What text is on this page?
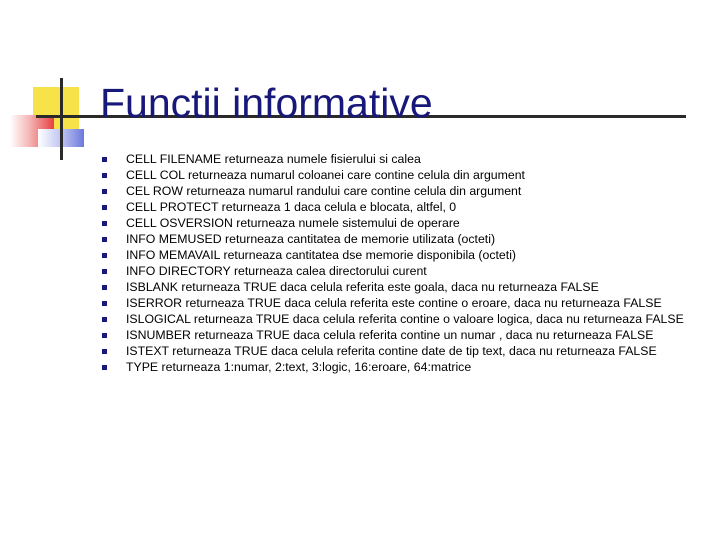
Functii informative
CELL FILENAME returneaza numele fisierului si calea
CELL COL returneaza numarul coloanei care contine celula din argument
CEL ROW returneaza numarul randului care contine celula din argument
CELL PROTECT returneaza 1 daca celula e blocata, altfel, 0
CELL OSVERSION returneaza numele sistemului de operare
INFO MEMUSED returneaza cantitatea de memorie utilizata (octeti)
INFO MEMAVAIL returneaza cantitatea dse memorie disponibila (octeti)
INFO DIRECTORY returneaza calea directorului curent
ISBLANK returneaza TRUE daca celula referita este goala, daca nu returneaza FALSE
ISERROR returneaza TRUE daca celula referita este contine o eroare, daca nu returneaza FALSE
ISLOGICAL returneaza TRUE daca celula referita contine o valoare logica, daca nu returneaza FALSE
ISNUMBER returneaza TRUE daca celula referita contine un numar , daca nu returneaza FALSE
ISTEXT returneaza TRUE daca celula referita contine date de tip text, daca nu returneaza FALSE
TYPE returneaza 1:numar, 2:text, 3:logic, 16:eroare, 64:matrice
